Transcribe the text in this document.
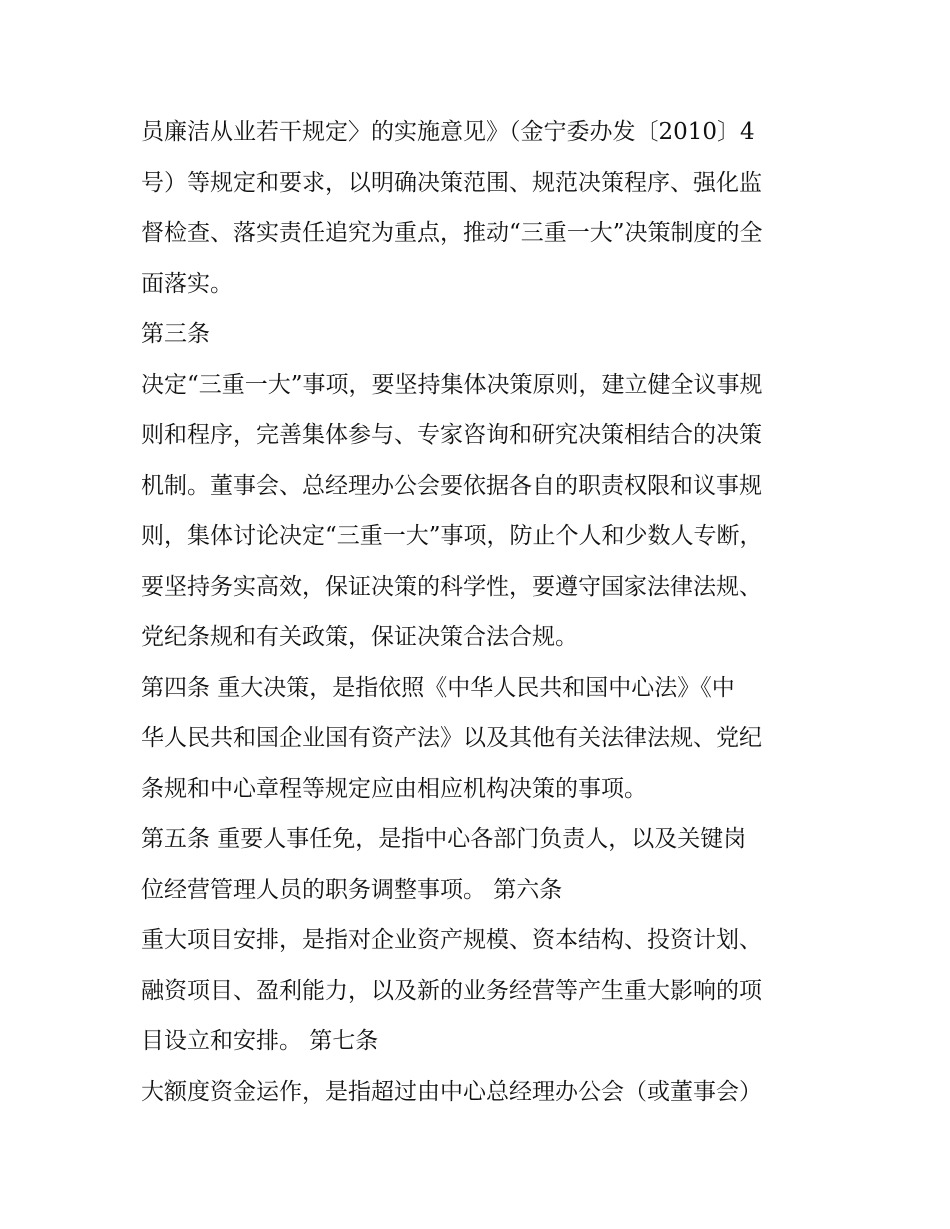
员廉洁从业若干规定〉的实施意见》（金宁委办发〔2010〕4
号）等规定和要求，以明确决策范围、规范决策程序、强化监
督检查、落实责任追究为重点，推动“三重一大”决策制度的全
面落实。
第三条
决定“三重一大”事项，要坚持集体决策原则，建立健全议事规
则和程序，完善集体参与、专家咨询和研究决策相结合的决策
机制。董事会、总经理办公会要依据各自的职责权限和议事规
则，集体讨论决定“三重一大”事项，防止个人和少数人专断，
要坚持务实高效，保证决策的科学性，要遵守国家法律法规、
党纪条规和有关政策，保证决策合法合规。
第四条 重大决策，是指依照《中华人民共和国中心法》《中
华人民共和国企业国有资产法》以及其他有关法律法规、党纪
条规和中心章程等规定应由相应机构决策的事项。
第五条 重要人事任免，是指中心各部门负责人，以及关键岗
位经营管理人员的职务调整事项。 第六条
重大项目安排，是指对企业资产规模、资本结构、投资计划、
融资项目、盈利能力，以及新的业务经营等产生重大影响的项
目设立和安排。 第七条
大额度资金运作，是指超过由中心总经理办公会（或董事会）
